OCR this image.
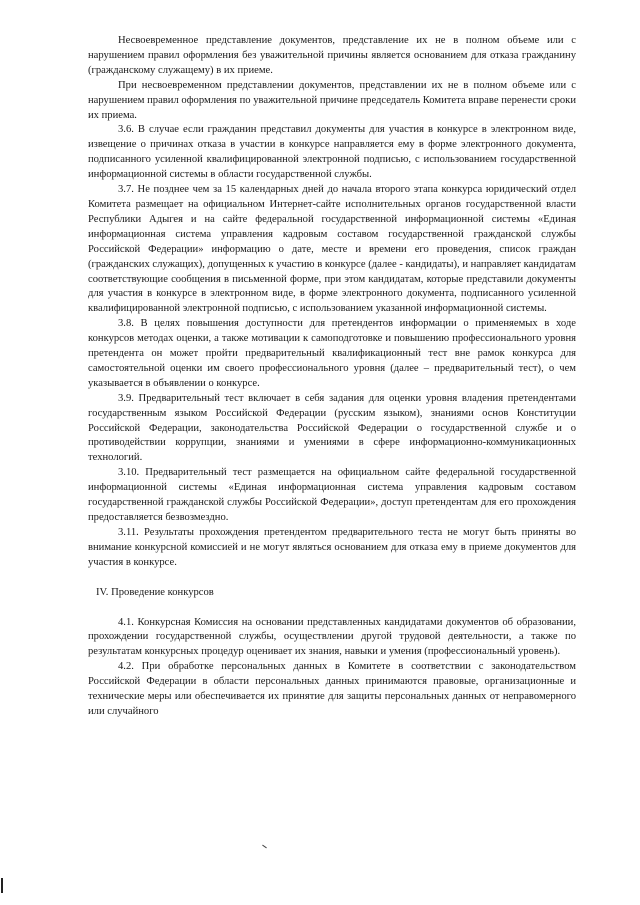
Несвоевременное представление документов, представление их не в полном объеме или с нарушением правил оформления без уважительной причины является основанием для отказа гражданину (гражданскому служащему) в их приеме.

При несвоевременном представлении документов, представлении их не в полном объеме или с нарушением правил оформления по уважительной причине председатель Комитета вправе перенести сроки их приема.

3.6. В случае если гражданин представил документы для участия в конкурсе в электронном виде, извещение о причинах отказа в участии в конкурсе направляется ему в форме электронного документа, подписанного усиленной квалифицированной электронной подписью, с использованием государственной информационной системы в области государственной службы.

3.7. Не позднее чем за 15 календарных дней до начала второго этапа конкурса юридический отдел Комитета размещает на официальном Интернет-сайте исполнительных органов государственной власти Республики Адыгея и на сайте федеральной государственной информационной системы «Единая информационная система управления кадровым составом государственной гражданской службы Российской Федерации» информацию о дате, месте и времени его проведения, список граждан (гражданских служащих), допущенных к участию в конкурсе (далее - кандидаты), и направляет кандидатам соответствующие сообщения в письменной форме, при этом кандидатам, которые представили документы для участия в конкурсе в электронном виде, в форме электронного документа, подписанного усиленной квалифицированной электронной подписью, с использованием указанной информационной системы.

3.8. В целях повышения доступности для претендентов информации о применяемых в ходе конкурсов методах оценки, а также мотивации к самоподготовке и повышению профессионального уровня претендента он может пройти предварительный квалификационный тест вне рамок конкурса для самостоятельной оценки им своего профессионального уровня (далее – предварительный тест), о чем указывается в объявлении о конкурсе.

3.9. Предварительный тест включает в себя задания для оценки уровня владения претендентами государственным языком Российской Федерации (русским языком), знаниями основ Конституции Российской Федерации, законодательства Российской Федерации о государственной службе и о противодействии коррупции, знаниями и умениями в сфере информационно-коммуникационных технологий.

3.10. Предварительный тест размещается на официальном сайте федеральной государственной информационной системы «Единая информационная система управления кадровым составом государственной гражданской службы Российской Федерации», доступ претендентам для его прохождения предоставляется безвозмездно.

3.11. Результаты прохождения претендентом предварительного теста не могут быть приняты во внимание конкурсной комиссией и не могут являться основанием для отказа ему в приеме документов для участия в конкурсе.

IV. Проведение конкурсов

4.1. Конкурсная Комиссия на основании представленных кандидатами документов об образовании, прохождении государственной службы, осуществлении другой трудовой деятельности, а также по результатам конкурсных процедур оценивает их знания, навыки и умения (профессиональный уровень).

4.2. При обработке персональных данных в Комитете в соответствии с законодательством Российской Федерации в области персональных данных принимаются правовые, организационные и технические меры или обеспечивается их принятие для защиты персональных данных от неправомерного или случайного
